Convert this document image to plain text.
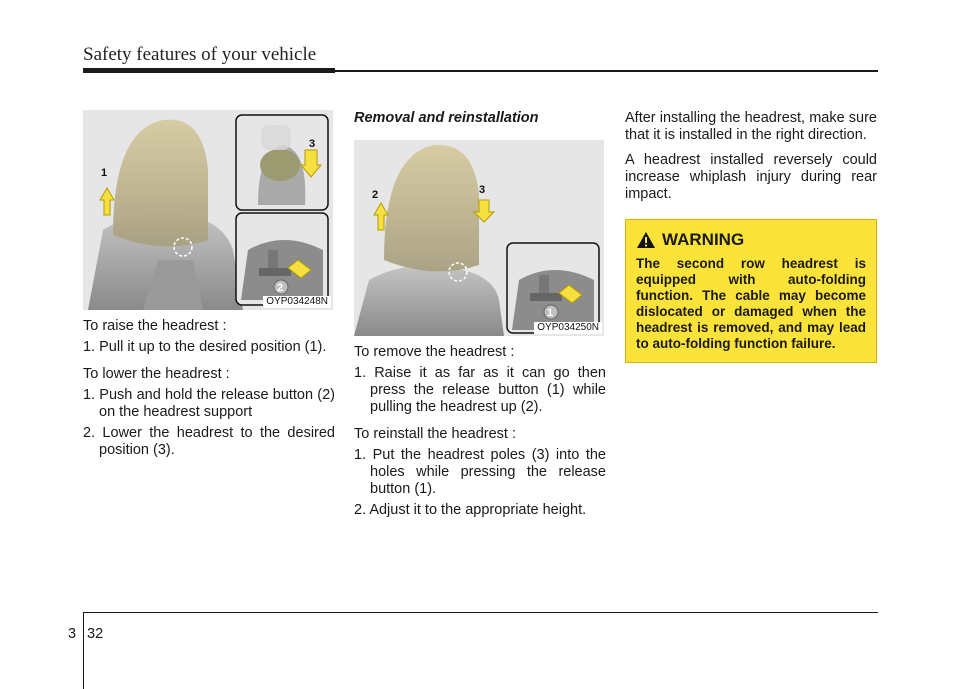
Safety features of your vehicle
1
3
2
OYP034248N

To raise the headrest :

1. Pull it up to the desired position (1).

To lower the headrest :

1. Push and hold the release button (2) on the headrest support

2. Lower the headrest to the desired position (3).

Removal and reinstallation

2	3
1
OYP034250N

To remove the headrest :

1. Raise it as far as it can go then press the release button (1) while pulling the headrest up (2).

To reinstall the headrest :

1. Put the headrest poles (3) into the holes while pressing the release button (1).

2. Adjust it to the appropriate height.

After installing the headrest, make sure that it is installed in the right direction.

A headrest installed reversely could increase whiplash injury during rear impact.

WARNING

The second row headrest is equipped with auto-folding function. The cable may become dislocated or damaged when the headrest is removed, and may lead to auto-folding function failure.

3 32
